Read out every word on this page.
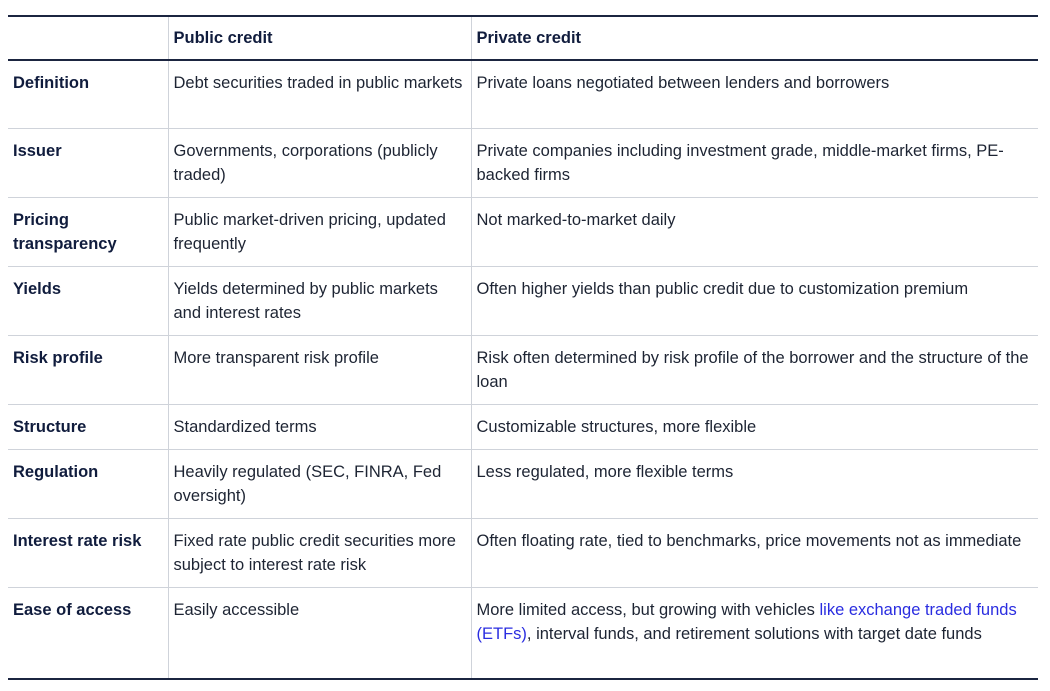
	Public credit	Private credit
Definition	Debt securities traded in public markets	Private loans negotiated between lenders and borrowers
Issuer	Governments, corporations (publicly traded)	Private companies including investment grade, middle-market firms, PE-backed firms
Pricing transparency	Public market-driven pricing, updated frequently	Not marked-to-market daily
Yields	Yields determined by public markets and interest rates	Often higher yields than public credit due to customization premium
Risk profile	More transparent risk profile	Risk often determined by risk profile of the borrower and the structure of the loan
Structure	Standardized terms	Customizable structures, more flexible
Regulation	Heavily regulated (SEC, FINRA, Fed oversight)	Less regulated, more flexible terms
Interest rate risk	Fixed rate public credit securities more subject to interest rate risk	Often floating rate, tied to benchmarks, price movements not as immediate
Ease of access	Easily accessible	More limited access, but growing with vehicles like exchange traded funds (ETFs), interval funds, and retirement solutions with target date funds
